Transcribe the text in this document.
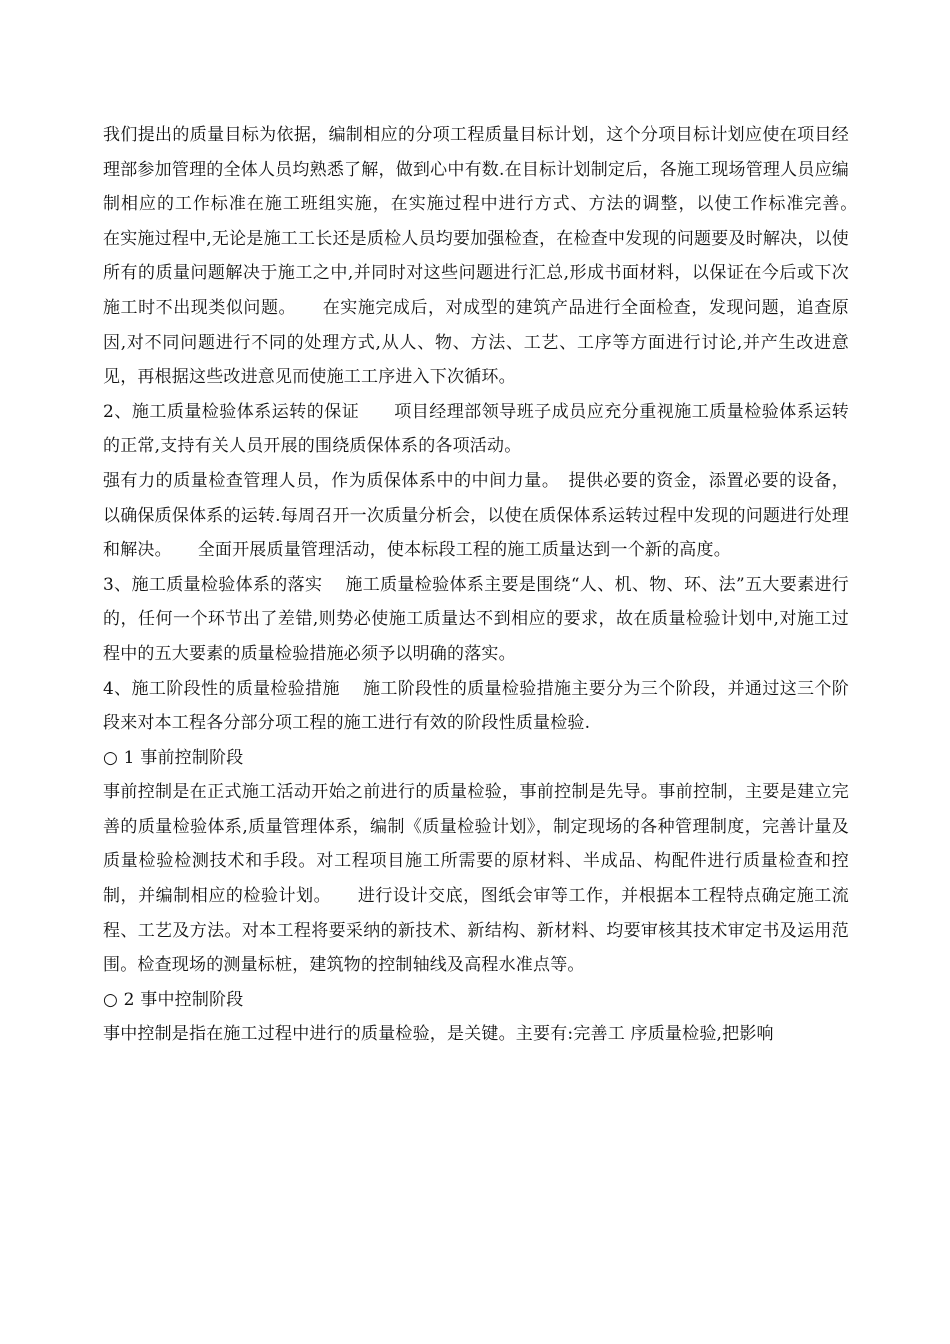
我们提出的质量目标为依据，编制相应的分项工程质量目标计划，这个分项目标计划应使在项目经理部参加管理的全体人员均熟悉了解，做到心中有数.在目标计划制定后，各施工现场管理人员应编制相应的工作标准在施工班组实施，在实施过程中进行方式、方法的调整，以使工作标准完善。　　在实施过程中,无论是施工工长还是质检人员均要加强检查，在检查中发现的问题要及时解决，以使所有的质量问题解决于施工之中,并同时对这些问题进行汇总,形成书面材料，以保证在今后或下次施工时不出现类似问题。　　在实施完成后，对成型的建筑产品进行全面检查，发现问题，追查原因,对不同问题进行不同的处理方式,从人、物、方法、工艺、工序等方面进行讨论,并产生改进意见，再根据这些改进意见而使施工工序进入下次循环。

2、施工质量检验体系运转的保证　　项目经理部领导班子成员应充分重视施工质量检验体系运转的正常,支持有关人员开展的围绕质保体系的各项活动。

强有力的质量检查管理人员，作为质保体系中的中间力量。　提供必要的资金，添置必要的设备，以确保质保体系的运转.每周召开一次质量分析会，以使在质保体系运转过程中发现的问题进行处理和解决。　　全面开展质量管理活动，使本标段工程的施工质量达到一个新的高度。

3、施工质量检验体系的落实　 施工质量检验体系主要是围绕“人、机、物、环、法”五大要素进行的，任何一个环节出了差错,则势必使施工质量达不到相应的要求，故在质量检验计划中,对施工过程中的五大要素的质量检验措施必须予以明确的落实。

4、施工阶段性的质量检验措施　 施工阶段性的质量检验措施主要分为三个阶段，并通过这三个阶段来对本工程各分部分项工程的施工进行有效的阶段性质量检验.

○ 1 事前控制阶段

事前控制是在正式施工活动开始之前进行的质量检验，事前控制是先导。事前控制，主要是建立完善的质量检验体系,质量管理体系，编制《质量检验计划》，制定现场的各种管理制度，完善计量及质量检验检测技术和手段。对工程项目施工所需要的原材料、半成品、构配件进行质量检查和控制，并编制相应的检验计划。　　进行设计交底，图纸会审等工作，并根据本工程特点确定施工流程、工艺及方法。对本工程将要采纳的新技术、新结构、新材料、均要审核其技术审定书及运用范围。检查现场的测量标桩，建筑物的控制轴线及高程水准点等。

○ 2 事中控制阶段

事中控制是指在施工过程中进行的质量检验，是关键。主要有:完善工 序质量检验,把影响
